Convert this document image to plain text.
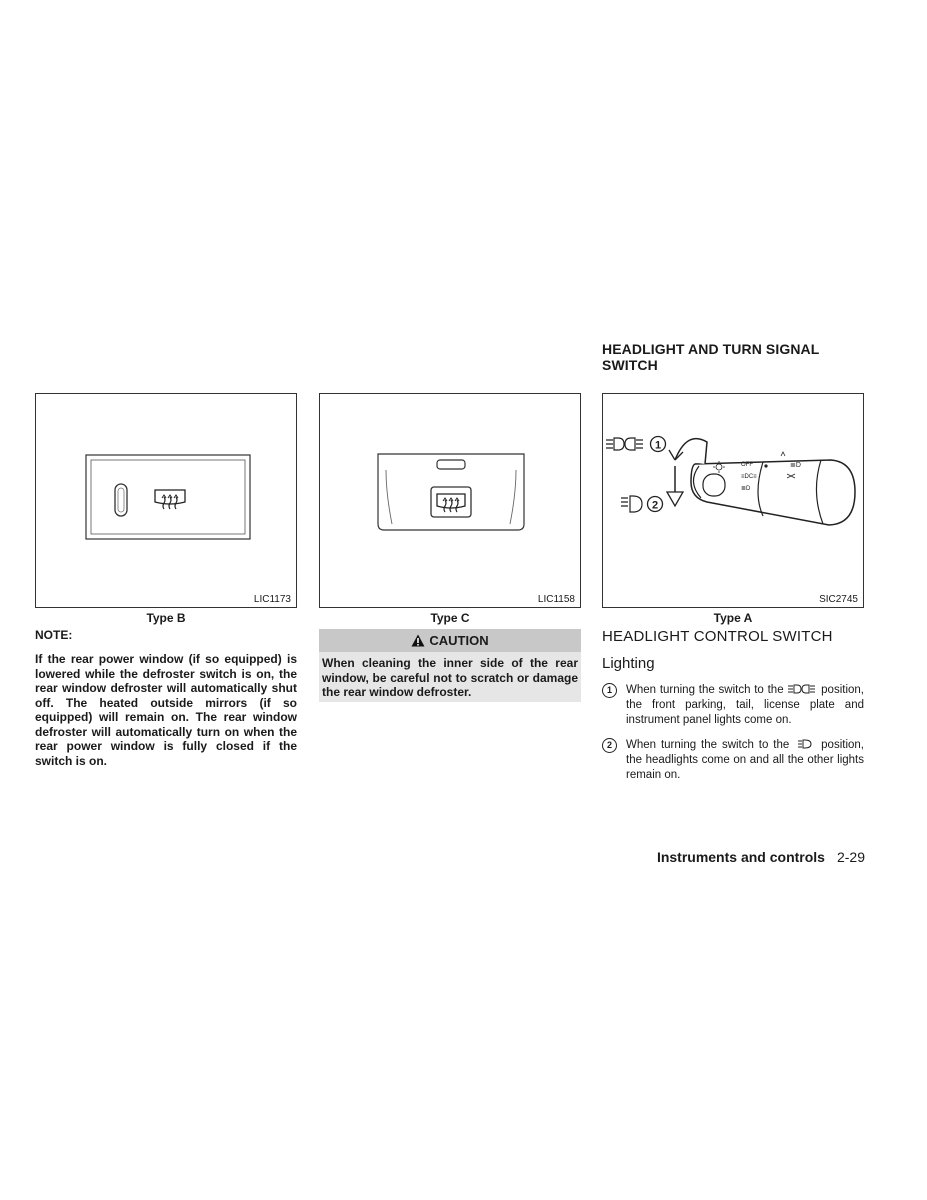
HEADLIGHT AND TURN SIGNAL SWITCH
LIC1173
Type B
LIC1158
Type C
OFF
≡DC≡
≣D
≣D
1
2
SIC2745
Type A
NOTE:
If the rear power window (if so equipped) is lowered while the defroster switch is on, the rear window defroster will automatically shut off. The heated outside mirrors (if so equipped) will remain on. The rear window defroster will automatically turn on when the rear power window is fully closed if the switch is on.
CAUTION
When cleaning the inner side of the rear window, be careful not to scratch or damage the rear window defroster.
HEADLIGHT CONTROL SWITCH
Lighting
1	When turning the switch to the	position, the front parking, tail, license plate and instrument panel lights come on.
2	When turning the switch to the	position, the headlights come on and all the other lights remain on.
Instruments and controls 2-29
